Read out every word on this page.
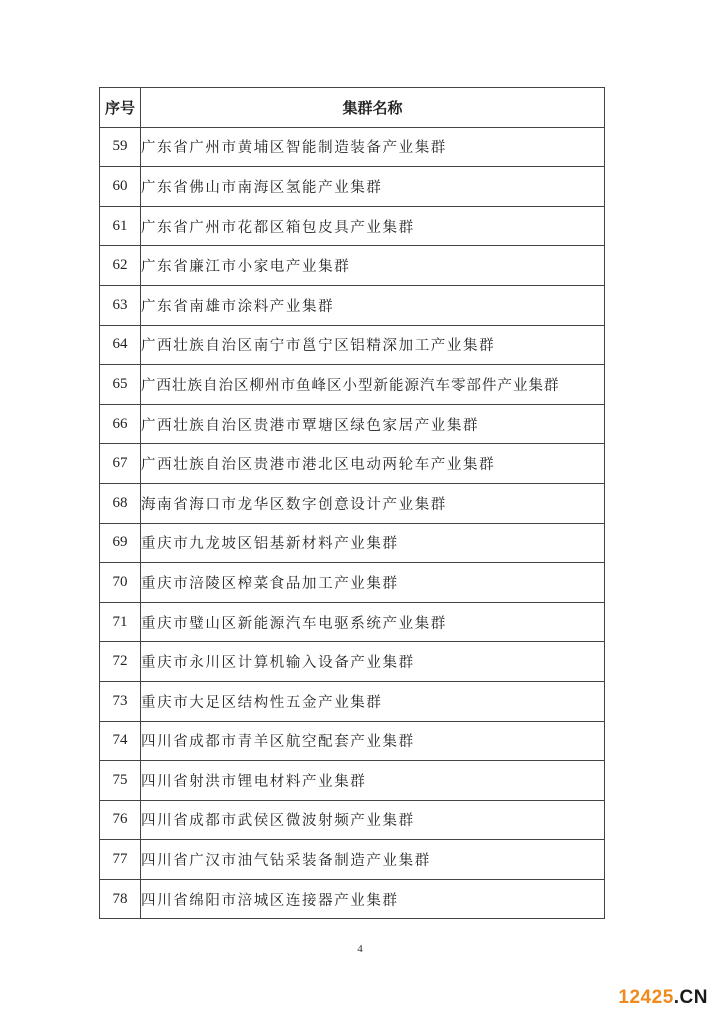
序号	集群名称
59	广东省广州市黄埔区智能制造装备产业集群
60	广东省佛山市南海区氢能产业集群
61	广东省广州市花都区箱包皮具产业集群
62	广东省廉江市小家电产业集群
63	广东省南雄市涂料产业集群
64	广西壮族自治区南宁市邕宁区铝精深加工产业集群
65	广西壮族自治区柳州市鱼峰区小型新能源汽车零部件产业集群
66	广西壮族自治区贵港市覃塘区绿色家居产业集群
67	广西壮族自治区贵港市港北区电动两轮车产业集群
68	海南省海口市龙华区数字创意设计产业集群
69	重庆市九龙坡区铝基新材料产业集群
70	重庆市涪陵区榨菜食品加工产业集群
71	重庆市璧山区新能源汽车电驱系统产业集群
72	重庆市永川区计算机输入设备产业集群
73	重庆市大足区结构性五金产业集群
74	四川省成都市青羊区航空配套产业集群
75	四川省射洪市锂电材料产业集群
76	四川省成都市武侯区微波射频产业集群
77	四川省广汉市油气钻采装备制造产业集群
78	四川省绵阳市涪城区连接器产业集群
4
12425.CN
